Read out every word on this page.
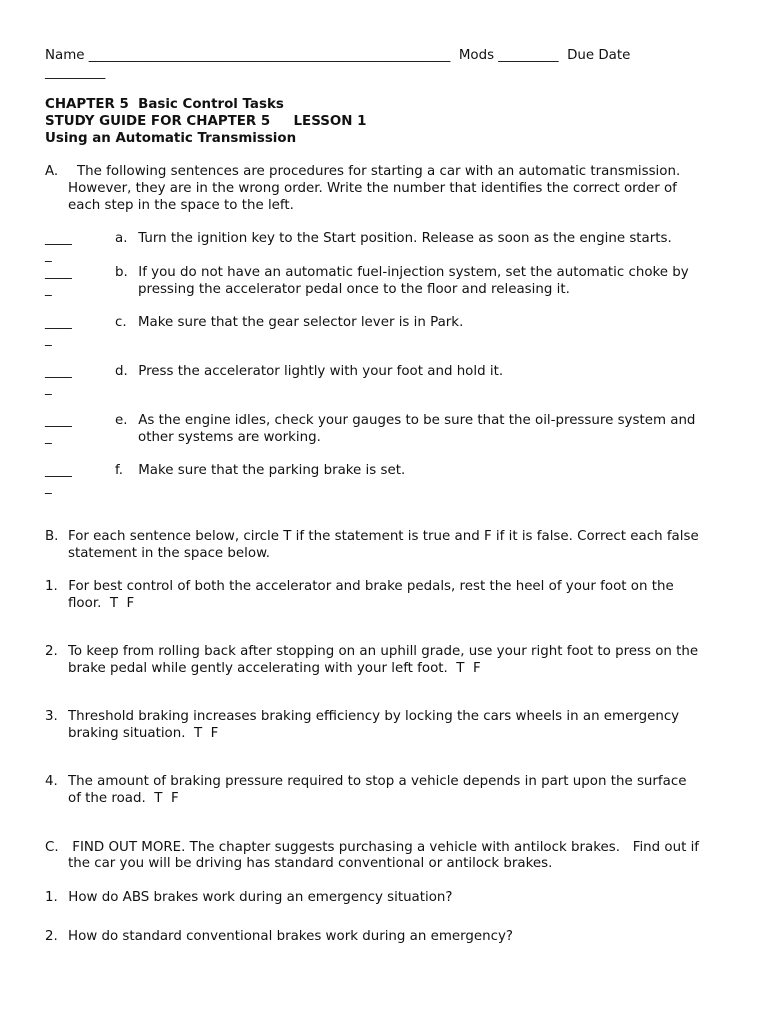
Name ______________________________________________________  Mods _________  Due Date
_________
CHAPTER 5  Basic Control Tasks
STUDY GUIDE FOR CHAPTER 5     LESSON 1
Using an Automatic Transmission
A. The following sentences are procedures for starting a car with an automatic transmission.
However, they are in the wrong order. Write the number that identifies the correct order of
each step in the space to the left.
____
_
a. Turn the ignition key to the Start position. Release as soon as the engine starts.
____
_
b. If you do not have an automatic fuel-injection system, set the automatic choke by
pressing the accelerator pedal once to the floor and releasing it.
____
_
c. Make sure that the gear selector lever is in Park.
____
_
d. Press the accelerator lightly with your foot and hold it.
____
_
e. As the engine idles, check your gauges to be sure that the oil-pressure system and
other systems are working.
____
_
f. Make sure that the parking brake is set.
B. For each sentence below, circle T if the statement is true and F if it is false. Correct each false
statement in the space below.
1. For best control of both the accelerator and brake pedals, rest the heel of your foot on the
floor.  T  F
2. To keep from rolling back after stopping on an uphill grade, use your right foot to press on the
brake pedal while gently accelerating with your left foot.  T  F
3. Threshold braking increases braking efficiency by locking the cars wheels in an emergency
braking situation.  T  F
4. The amount of braking pressure required to stop a vehicle depends in part upon the surface
of the road.  T  F
C. FIND OUT MORE. The chapter suggests purchasing a vehicle with antilock brakes.   Find out if
the car you will be driving has standard conventional or antilock brakes.
1. How do ABS brakes work during an emergency situation?
2. How do standard conventional brakes work during an emergency?
